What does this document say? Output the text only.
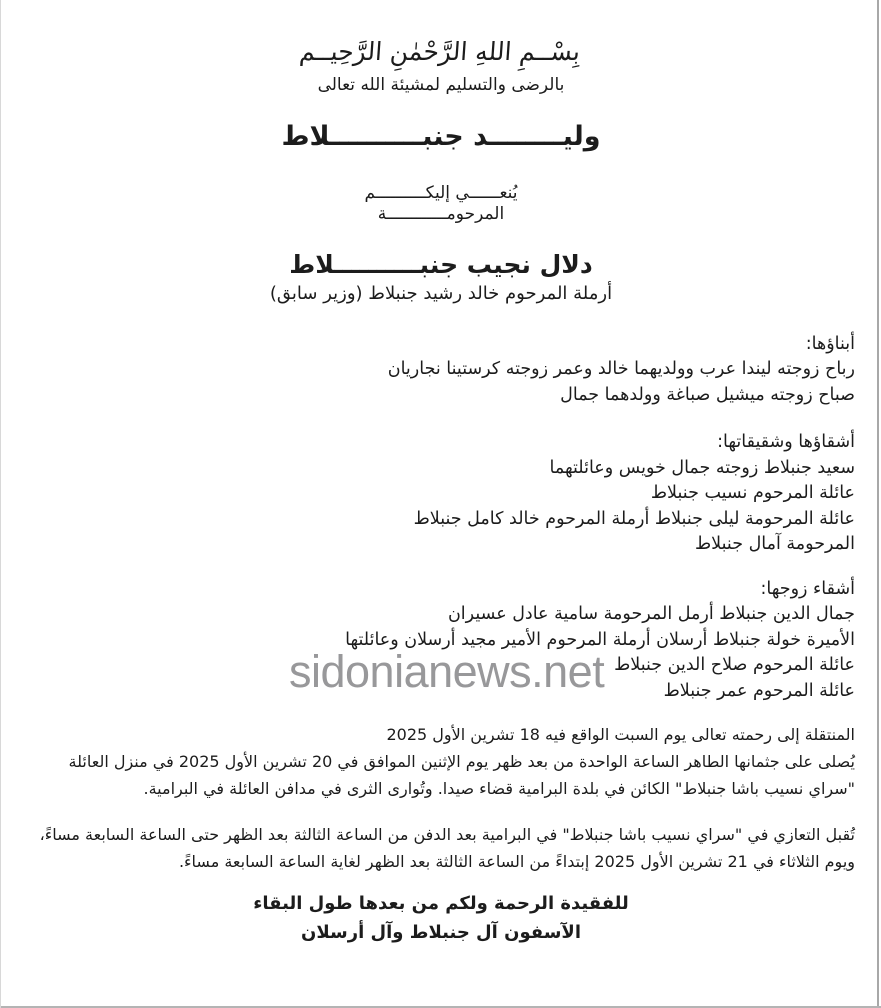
sidonianews.net
بِسْــمِ اللهِ الرَّحْمٰنِ الرَّحِيــم
بالرضى والتسليم لمشيئة الله تعالى
وليــــــــد جنبــــــــــلاط
يُنعــــــي إليكــــــــــم
المرحومــــــــــــة
دلال نجيب جنبــــــــــلاط
أرملة المرحوم خالد رشيد جنبلاط (وزير سابق)
أبناؤها:
رباح زوجته ليندا عرب وولديهما خالد وعمر زوجته كرستينا نجاريان
صباح زوجته ميشيل صباغة وولدهما جمال
أشقاؤها وشقيقاتها:
سعيد جنبلاط زوجته جمال خويس وعائلتهما
عائلة المرحوم نسيب جنبلاط
عائلة المرحومة ليلى جنبلاط أرملة المرحوم خالد كامل جنبلاط
المرحومة آمال جنبلاط
أشقاء زوجها:
جمال الدين جنبلاط أرمل المرحومة سامية عادل عسيران
الأميرة خولة جنبلاط أرسلان أرملة المرحوم الأمير مجيد أرسلان وعائلتها
عائلة المرحوم صلاح الدين جنبلاط
عائلة المرحوم عمر جنبلاط
المنتقلة إلى رحمته تعالى يوم السبت الواقع فيه 18 تشرين الأول 2025
يُصلى على جثمانها الطاهر الساعة الواحدة من بعد ظهر يوم الإثنين الموافق في 20 تشرين الأول 2025 في منزل العائلة
"سراي نسيب باشا جنبلاط" الكائن في بلدة البرامية قضاء صيدا. وتُوارى الثرى في مدافن العائلة في البرامية.
تُقبل التعازي في "سراي نسيب باشا جنبلاط" في البرامية بعد الدفن من الساعة الثالثة بعد الظهر حتى الساعة السابعة مساءً،
ويوم الثلاثاء في 21 تشرين الأول 2025 إبتداءً من الساعة الثالثة بعد الظهر لغاية الساعة السابعة مساءً.
للفقيدة الرحمة ولكم من بعدها طول البقاء
الآسفون آل جنبلاط وآل أرسلان
